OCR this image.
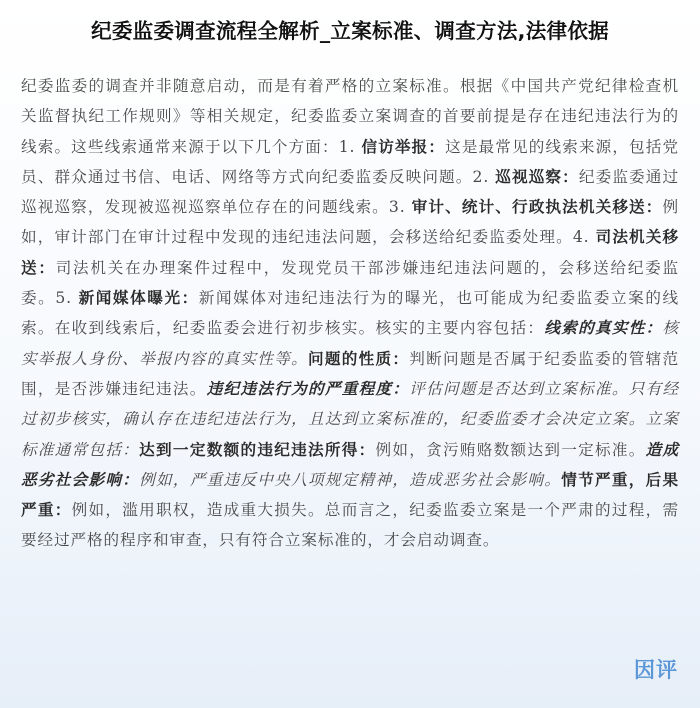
纪委监委调查流程全解析_立案标准、调查方法,法律依据

纪委监委的调查并非随意启动，而是有着严格的立案标准。根据《中国共产党纪律检查机关监督执纪工作规则》等相关规定，纪委监委立案调查的首要前提是存在违纪违法行为的线索。这些线索通常来源于以下几个方面：1. 信访举报：这是最常见的线索来源，包括党员、群众通过书信、电话、网络等方式向纪委监委反映问题。2. 巡视巡察：纪委监委通过巡视巡察，发现被巡视巡察单位存在的问题线索。3. 审计、统计、行政执法机关移送：例如，审计部门在审计过程中发现的违纪违法问题，会移送给纪委监委处理。4. 司法机关移送：司法机关在办理案件过程中，发现党员干部涉嫌违纪违法问题的，会移送给纪委监委。5. 新闻媒体曝光：新闻媒体对违纪违法行为的曝光，也可能成为纪委监委立案的线索。在收到线索后，纪委监委会进行初步核实。核实的主要内容包括：线索的真实性：核实举报人身份、举报内容的真实性等。问题的性质：判断问题是否属于纪委监委的管辖范围，是否涉嫌违纪违法。违纪违法行为的严重程度：评估问题是否达到立案标准。只有经过初步核实，确认存在违纪违法行为，且达到立案标准的，纪委监委才会决定立案。立案标准通常包括：达到一定数额的违纪违法所得：例如，贪污贿赂数额达到一定标准。造成恶劣社会影响：例如，严重违反中央八项规定精神，造成恶劣社会影响。情节严重，后果严重：例如，滥用职权，造成重大损失。总而言之，纪委监委立案是一个严肃的过程，需要经过严格的程序和审查，只有符合立案标准的，才会启动调查。

因评
